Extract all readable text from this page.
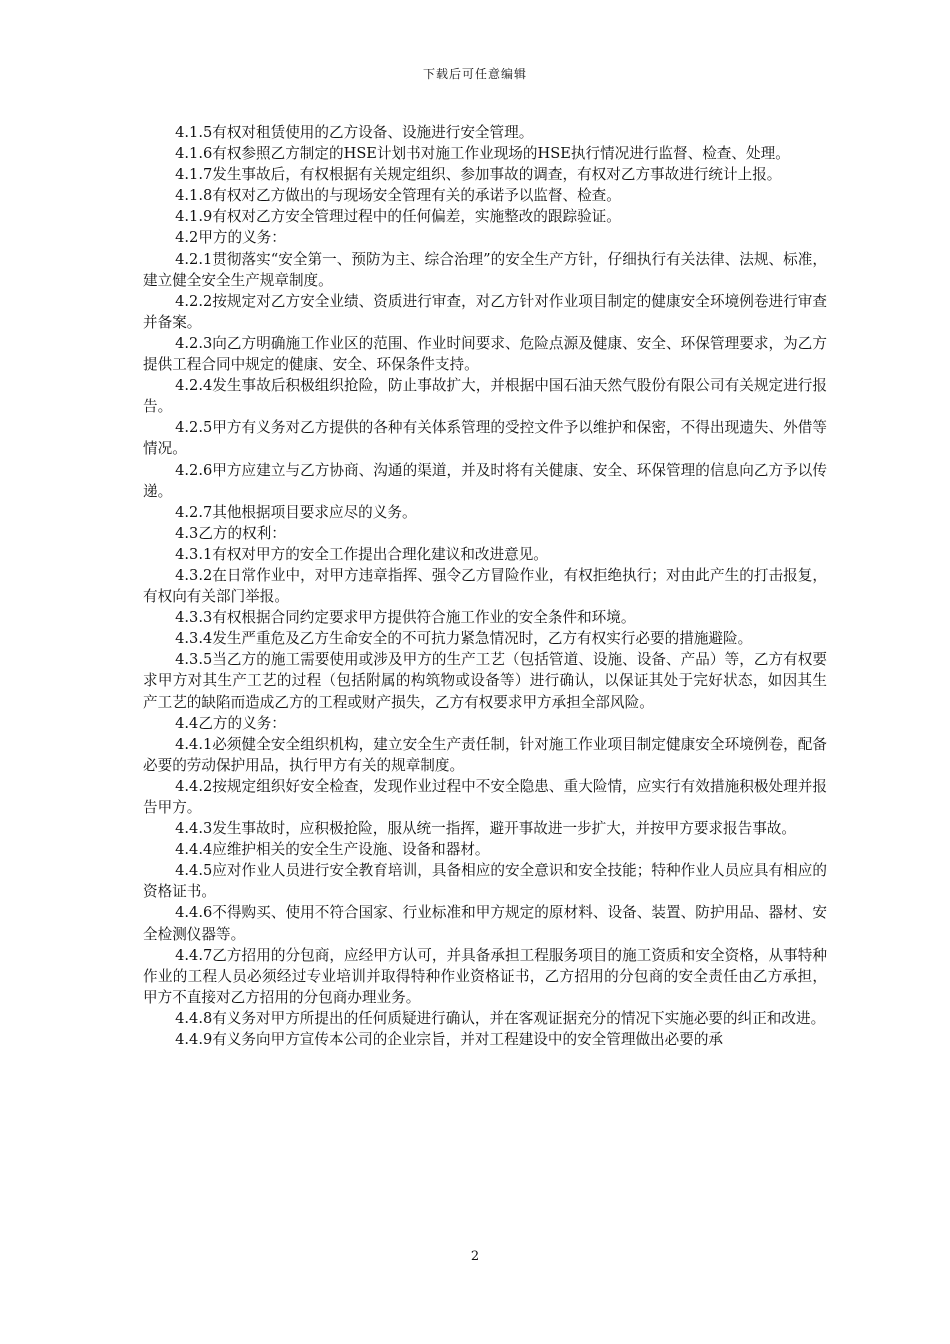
下载后可任意编辑

4.1.5有权对租赁使用的乙方设备、设施进行安全管理。

4.1.6有权参照乙方制定的HSE计划书对施工作业现场的HSE执行情况进行监督、检查、处理。

4.1.7发生事故后，有权根据有关规定组织、参加事故的调查，有权对乙方事故进行统计上报。

4.1.8有权对乙方做出的与现场安全管理有关的承诺予以监督、检查。

4.1.9有权对乙方安全管理过程中的任何偏差，实施整改的跟踪验证。

4.2甲方的义务：

4.2.1贯彻落实“安全第一、预防为主、综合治理”的安全生产方针，仔细执行有关法律、法规、标准，建立健全安全生产规章制度。

4.2.2按规定对乙方安全业绩、资质进行审查，对乙方针对作业项目制定的健康安全环境例卷进行审查并备案。

4.2.3向乙方明确施工作业区的范围、作业时间要求、危险点源及健康、安全、环保管理要求，为乙方提供工程合同中规定的健康、安全、环保条件支持。

4.2.4发生事故后积极组织抢险，防止事故扩大，并根据中国石油天然气股份有限公司有关规定进行报告。

4.2.5甲方有义务对乙方提供的各种有关体系管理的受控文件予以维护和保密，不得出现遗失、外借等情况。

4.2.6甲方应建立与乙方协商、沟通的渠道，并及时将有关健康、安全、环保管理的信息向乙方予以传递。

4.2.7其他根据项目要求应尽的义务。

4.3乙方的权利：

4.3.1有权对甲方的安全工作提出合理化建议和改进意见。

4.3.2在日常作业中，对甲方违章指挥、强令乙方冒险作业，有权拒绝执行；对由此产生的打击报复，有权向有关部门举报。

4.3.3有权根据合同约定要求甲方提供符合施工作业的安全条件和环境。

4.3.4发生严重危及乙方生命安全的不可抗力紧急情况时，乙方有权实行必要的措施避险。

4.3.5当乙方的施工需要使用或涉及甲方的生产工艺（包括管道、设施、设备、产品）等，乙方有权要求甲方对其生产工艺的过程（包括附属的构筑物或设备等）进行确认，以保证其处于完好状态，如因其生产工艺的缺陷而造成乙方的工程或财产损失，乙方有权要求甲方承担全部风险。

4.4乙方的义务：

4.4.1必须健全安全组织机构，建立安全生产责任制，针对施工作业项目制定健康安全环境例卷，配备必要的劳动保护用品，执行甲方有关的规章制度。

4.4.2按规定组织好安全检查，发现作业过程中不安全隐患、重大险情，应实行有效措施积极处理并报告甲方。

4.4.3发生事故时，应积极抢险，服从统一指挥，避开事故进一步扩大，并按甲方要求报告事故。

4.4.4应维护相关的安全生产设施、设备和器材。

4.4.5应对作业人员进行安全教育培训，具备相应的安全意识和安全技能；特种作业人员应具有相应的资格证书。

4.4.6不得购买、使用不符合国家、行业标准和甲方规定的原材料、设备、装置、防护用品、器材、安全检测仪器等。

4.4.7乙方招用的分包商，应经甲方认可，并具备承担工程服务项目的施工资质和安全资格，从事特种作业的工程人员必须经过专业培训并取得特种作业资格证书，乙方招用的分包商的安全责任由乙方承担，甲方不直接对乙方招用的分包商办理业务。

4.4.8有义务对甲方所提出的任何质疑进行确认，并在客观证据充分的情况下实施必要的纠正和改进。

4.4.9有义务向甲方宣传本公司的企业宗旨，并对工程建设中的安全管理做出必要的承

2
